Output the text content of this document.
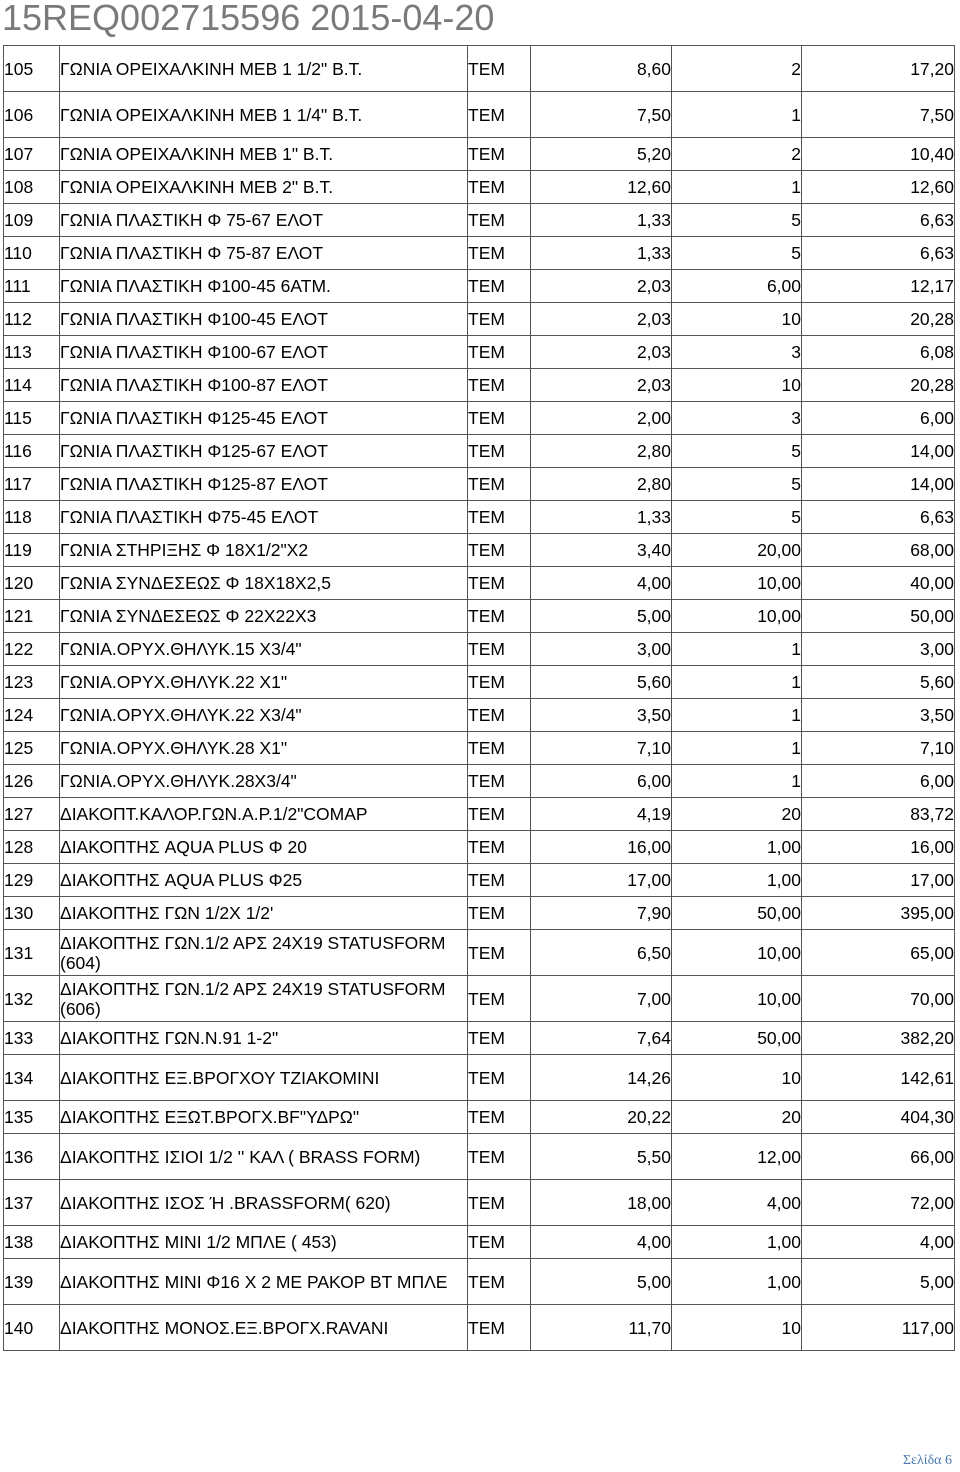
15REQ002715596 2015-04-20
105	ΓΩΝΙΑ ΟΡΕΙΧΑΛΚΙΝΗ ΜΕΒ 1 1/2" Β.Τ.	ΤΕΜ	8,60	2	17,20
106	ΓΩΝΙΑ ΟΡΕΙΧΑΛΚΙΝΗ ΜΕΒ 1 1/4" Β.Τ.	ΤΕΜ	7,50	1	7,50
107	ΓΩΝΙΑ ΟΡΕΙΧΑΛΚΙΝΗ ΜΕΒ 1" Β.Τ.	ΤΕΜ	5,20	2	10,40
108	ΓΩΝΙΑ ΟΡΕΙΧΑΛΚΙΝΗ ΜΕΒ 2" Β.Τ.	ΤΕΜ	12,60	1	12,60
109	ΓΩΝΙΑ ΠΛΑΣΤΙΚΗ Φ 75-67 ΕΛΟΤ	ΤΕΜ	1,33	5	6,63
110	ΓΩΝΙΑ ΠΛΑΣΤΙΚΗ Φ 75-87 ΕΛΟΤ	ΤΕΜ	1,33	5	6,63
111	ΓΩΝΙΑ ΠΛΑΣΤΙΚΗ Φ100-45 6ΑΤΜ.	ΤΕΜ	2,03	6,00	12,17
112	ΓΩΝΙΑ ΠΛΑΣΤΙΚΗ Φ100-45 ΕΛΟΤ	ΤΕΜ	2,03	10	20,28
113	ΓΩΝΙΑ ΠΛΑΣΤΙΚΗ Φ100-67 ΕΛΟΤ	ΤΕΜ	2,03	3	6,08
114	ΓΩΝΙΑ ΠΛΑΣΤΙΚΗ Φ100-87 ΕΛΟΤ	ΤΕΜ	2,03	10	20,28
115	ΓΩΝΙΑ ΠΛΑΣΤΙΚΗ Φ125-45 ΕΛΟΤ	ΤΕΜ	2,00	3	6,00
116	ΓΩΝΙΑ ΠΛΑΣΤΙΚΗ Φ125-67 ΕΛΟΤ	ΤΕΜ	2,80	5	14,00
117	ΓΩΝΙΑ ΠΛΑΣΤΙΚΗ Φ125-87 ΕΛΟΤ	ΤΕΜ	2,80	5	14,00
118	ΓΩΝΙΑ ΠΛΑΣΤΙΚΗ Φ75-45 ΕΛΟΤ	ΤΕΜ	1,33	5	6,63
119	ΓΩΝΙΑ ΣΤΗΡΙΞΗΣ Φ 18Χ1/2"Χ2	ΤΕΜ	3,40	20,00	68,00
120	ΓΩΝΙΑ ΣΥΝΔΕΣΕΩΣ Φ 18Χ18Χ2,5	ΤΕΜ	4,00	10,00	40,00
121	ΓΩΝΙΑ ΣΥΝΔΕΣΕΩΣ Φ 22Χ22Χ3	ΤΕΜ	5,00	10,00	50,00
122	ΓΩΝΙΑ.ΟΡΥΧ.ΘΗΛΥΚ.15 Χ3/4"	ΤΕΜ	3,00	1	3,00
123	ΓΩΝΙΑ.ΟΡΥΧ.ΘΗΛΥΚ.22 Χ1"	ΤΕΜ	5,60	1	5,60
124	ΓΩΝΙΑ.ΟΡΥΧ.ΘΗΛΥΚ.22 Χ3/4"	ΤΕΜ	3,50	1	3,50
125	ΓΩΝΙΑ.ΟΡΥΧ.ΘΗΛΥΚ.28 Χ1"	ΤΕΜ	7,10	1	7,10
126	ΓΩΝΙΑ.ΟΡΥΧ.ΘΗΛΥΚ.28Χ3/4"	ΤΕΜ	6,00	1	6,00
127	ΔΙΑΚΟΠΤ.ΚΑΛΟΡ.ΓΩΝ.Α.Ρ.1/2"COMAP	ΤΕΜ	4,19	20	83,72
128	ΔΙΑΚΟΠΤΗΣ AQUA PLUS Φ 20	ΤΕΜ	16,00	1,00	16,00
129	ΔΙΑΚΟΠΤΗΣ AQUA PLUS Φ25	ΤΕΜ	17,00	1,00	17,00
130	ΔΙΑΚΟΠΤΗΣ ΓΩΝ 1/2Χ 1/2'	ΤΕΜ	7,90	50,00	395,00
131	ΔΙΑΚΟΠΤΗΣ ΓΩΝ.1/2 ΑΡΣ 24Χ19 STATUSFORM (604)	ΤΕΜ	6,50	10,00	65,00
132	ΔΙΑΚΟΠΤΗΣ ΓΩΝ.1/2 ΑΡΣ 24Χ19 STATUSFORM (606)	ΤΕΜ	7,00	10,00	70,00
133	ΔΙΑΚΟΠΤΗΣ ΓΩΝ.Ν.91 1-2"	ΤΕΜ	7,64	50,00	382,20
134	ΔΙΑΚΟΠΤΗΣ ΕΞ.ΒΡΟΓΧΟΥ ΤΖΙΑΚΟΜΙΝΙ	ΤΕΜ	14,26	10	142,61
135	ΔΙΑΚΟΠΤΗΣ ΕΞΩΤ.ΒΡΟΓΧ.ΒF"ΥΔΡΩ"	ΤΕΜ	20,22	20	404,30
136	ΔΙΑΚΟΠΤΗΣ ΙΣΙΟΙ 1/2 '' ΚΑΛ ( BRASS FORM)	ΤΕΜ	5,50	12,00	66,00
137	ΔΙΑΚΟΠΤΗΣ ΙΣΟΣ Ή .BRASSFORM( 620)	ΤΕΜ	18,00	4,00	72,00
138	ΔΙΑΚΟΠΤΗΣ ΜΙΝΙ 1/2 ΜΠΛΕ ( 453)	ΤΕΜ	4,00	1,00	4,00
139	ΔΙΑΚΟΠΤΗΣ ΜΙΝΙ Φ16 Χ 2 ΜΕ ΡΑΚΟΡ ΒΤ ΜΠΛΕ	ΤΕΜ	5,00	1,00	5,00
140	ΔΙΑΚΟΠΤΗΣ ΜΟΝΟΣ.ΕΞ.ΒΡΟΓΧ.RAVANI	ΤΕΜ	11,70	10	117,00
Σελίδα 6
